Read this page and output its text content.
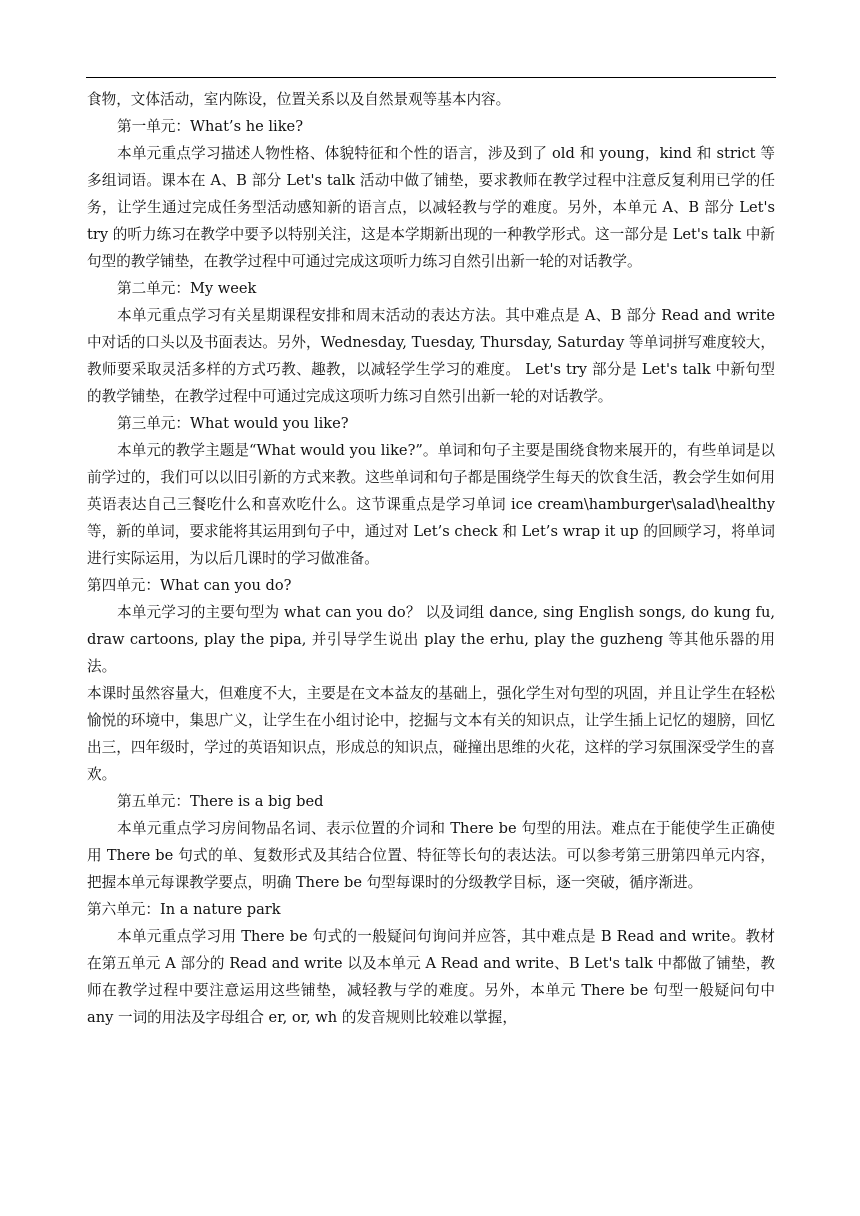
食物，文体活动，室内陈设，位置关系以及自然景观等基本内容。

第一单元：What’s he like?

本单元重点学习描述人物性格、体貌特征和个性的语言，涉及到了 old 和 young，kind 和 strict 等多组词语。课本在 A、B 部分 Let's talk 活动中做了铺垫，要求教师在教学过程中注意反复利用已学的任务，让学生通过完成任务型活动感知新的语言点，以减轻教与学的难度。另外，本单元 A、B 部分 Let's try 的听力练习在教学中要予以特别关注，这是本学期新出现的一种教学形式。这一部分是 Let's talk 中新句型的教学铺垫，在教学过程中可通过完成这项听力练习自然引出新一轮的对话教学。

第二单元：My week

本单元重点学习有关星期课程安排和周末活动的表达方法。其中难点是 A、B 部分 Read and write 中对话的口头以及书面表达。另外，Wednesday, Tuesday, Thursday, Saturday 等单词拼写难度较大，教师要采取灵活多样的方式巧教、趣教，以减轻学生学习的难度。 Let's try 部分是 Let's talk 中新句型的教学铺垫，在教学过程中可通过完成这项听力练习自然引出新一轮的对话教学。

第三单元：What would you like?

本单元的教学主题是“What would you like?”。单词和句子主要是围绕食物来展开的，有些单词是以前学过的，我们可以以旧引新的方式来教。这些单词和句子都是围绕学生每天的饮食生活，教会学生如何用英语表达自己三餐吃什么和喜欢吃什么。这节课重点是学习单词 ice cream\hamburger\salad\healthy 等，新的单词，要求能将其运用到句子中，通过对 Let’s check 和 Let’s wrap it up 的回顾学习，将单词进行实际运用，为以后几课时的学习做准备。

第四单元：What can you do?

本单元学习的主要句型为 what can you do？ 以及词组 dance, sing English songs, do kung fu, draw cartoons, play the pipa, 并引导学生说出 play the erhu, play the guzheng 等其他乐器的用法。

本课时虽然容量大，但难度不大，主要是在文本益友的基础上，强化学生对句型的巩固，并且让学生在轻松愉悦的环境中，集思广义，让学生在小组讨论中，挖掘与文本有关的知识点，让学生插上记忆的翅膀，回忆出三，四年级时，学过的英语知识点，形成总的知识点，碰撞出思维的火花，这样的学习氛围深受学生的喜欢。

第五单元：There is a big bed

本单元重点学习房间物品名词、表示位置的介词和 There be 句型的用法。难点在于能使学生正确使用 There be 句式的单、复数形式及其结合位置、特征等长句的表达法。可以参考第三册第四单元内容，把握本单元每课教学要点，明确 There be 句型每课时的分级教学目标，逐一突破，循序渐进。

第六单元：In a nature park

本单元重点学习用 There be 句式的一般疑问句询问并应答，其中难点是 B Read and write。教材在第五单元 A 部分的 Read and write 以及本单元 A Read and write、B Let's talk 中都做了铺垫，教师在教学过程中要注意运用这些铺垫，减轻教与学的难度。另外，本单元 There be 句型一般疑问句中 any 一词的用法及字母组合 er, or, wh 的发音规则比较难以掌握，
